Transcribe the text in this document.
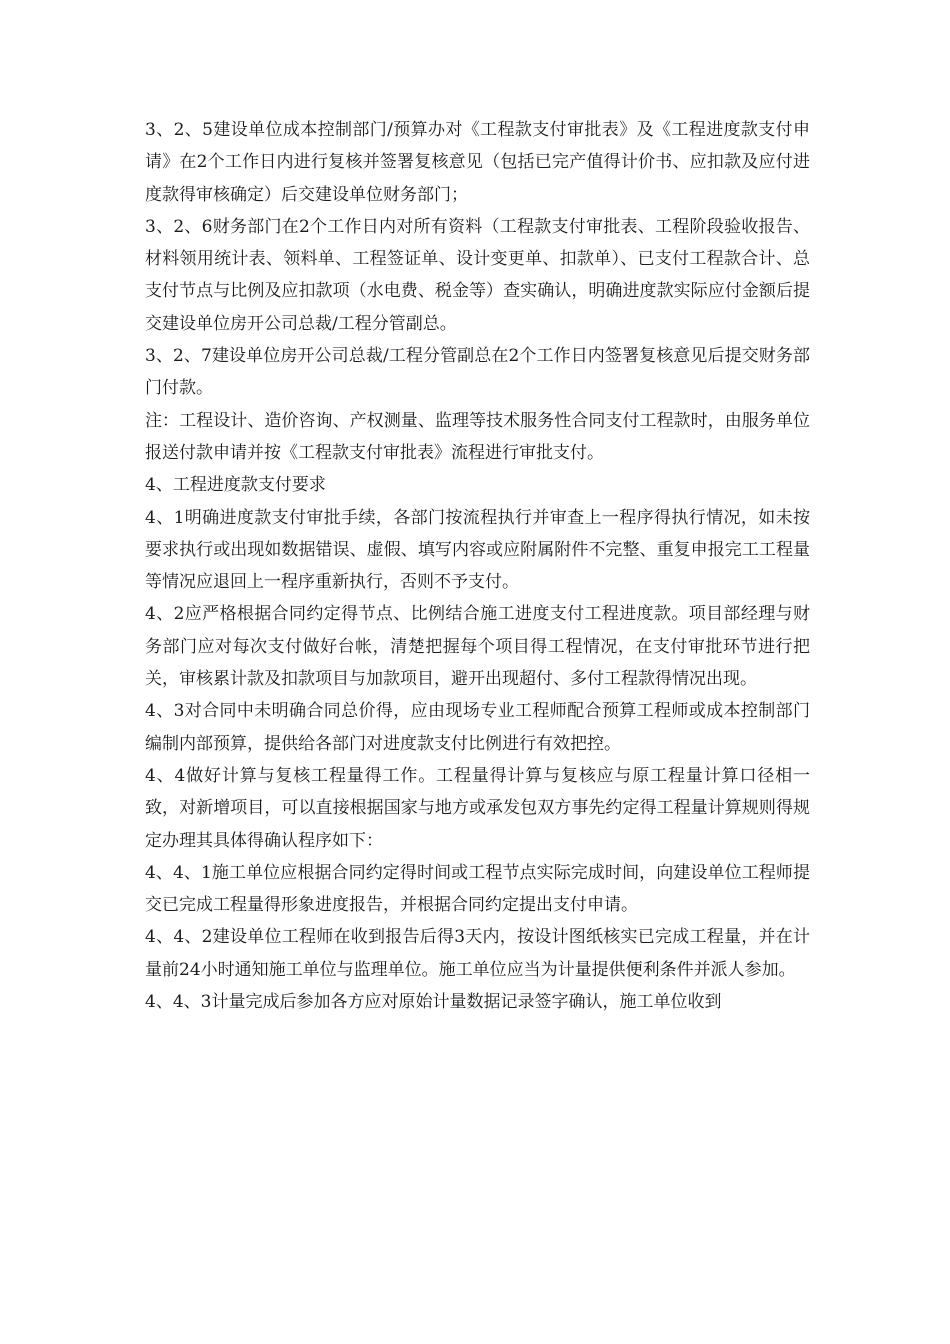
3、2、5建设单位成本控制部门/预算办对《工程款支付审批表》及《工程进度款支付申请》在2个工作日内进行复核并签署复核意见（包括已完产值得计价书、应扣款及应付进度款得审核确定）后交建设单位财务部门；

3、2、6财务部门在2个工作日内对所有资料（工程款支付审批表、工程阶段验收报告、材料领用统计表、领料单、工程签证单、设计变更单、扣款单）、已支付工程款合计、总支付节点与比例及应扣款项（水电费、税金等）查实确认，明确进度款实际应付金额后提交建设单位房开公司总裁/工程分管副总。

3、2、7建设单位房开公司总裁/工程分管副总在2个工作日内签署复核意见后提交财务部门付款。

注：工程设计、造价咨询、产权测量、监理等技术服务性合同支付工程款时，由服务单位报送付款申请并按《工程款支付审批表》流程进行审批支付。

4、工程进度款支付要求

4、1明确进度款支付审批手续，各部门按流程执行并审查上一程序得执行情况，如未按要求执行或出现如数据错误、虚假、填写内容或应附属附件不完整、重复申报完工工程量等情况应退回上一程序重新执行，否则不予支付。

4、2应严格根据合同约定得节点、比例结合施工进度支付工程进度款。项目部经理与财务部门应对每次支付做好台帐，清楚把握每个项目得工程情况，在支付审批环节进行把关，审核累计款及扣款项目与加款项目，避开出现超付、多付工程款得情况出现。

4、3对合同中未明确合同总价得，应由现场专业工程师配合预算工程师或成本控制部门编制内部预算，提供给各部门对进度款支付比例进行有效把控。

4、4做好计算与复核工程量得工作。工程量得计算与复核应与原工程量计算口径相一致，对新增项目，可以直接根据国家与地方或承发包双方事先约定得工程量计算规则得规定办理其具体得确认程序如下：

4、4、1施工单位应根据合同约定得时间或工程节点实际完成时间，向建设单位工程师提交已完成工程量得形象进度报告，并根据合同约定提出支付申请。

4、4、2建设单位工程师在收到报告后得3天内，按设计图纸核实已完成工程量，并在计量前24小时通知施工单位与监理单位。施工单位应当为计量提供便利条件并派人参加。

4、4、3计量完成后参加各方应对原始计量数据记录签字确认，施工单位收到
